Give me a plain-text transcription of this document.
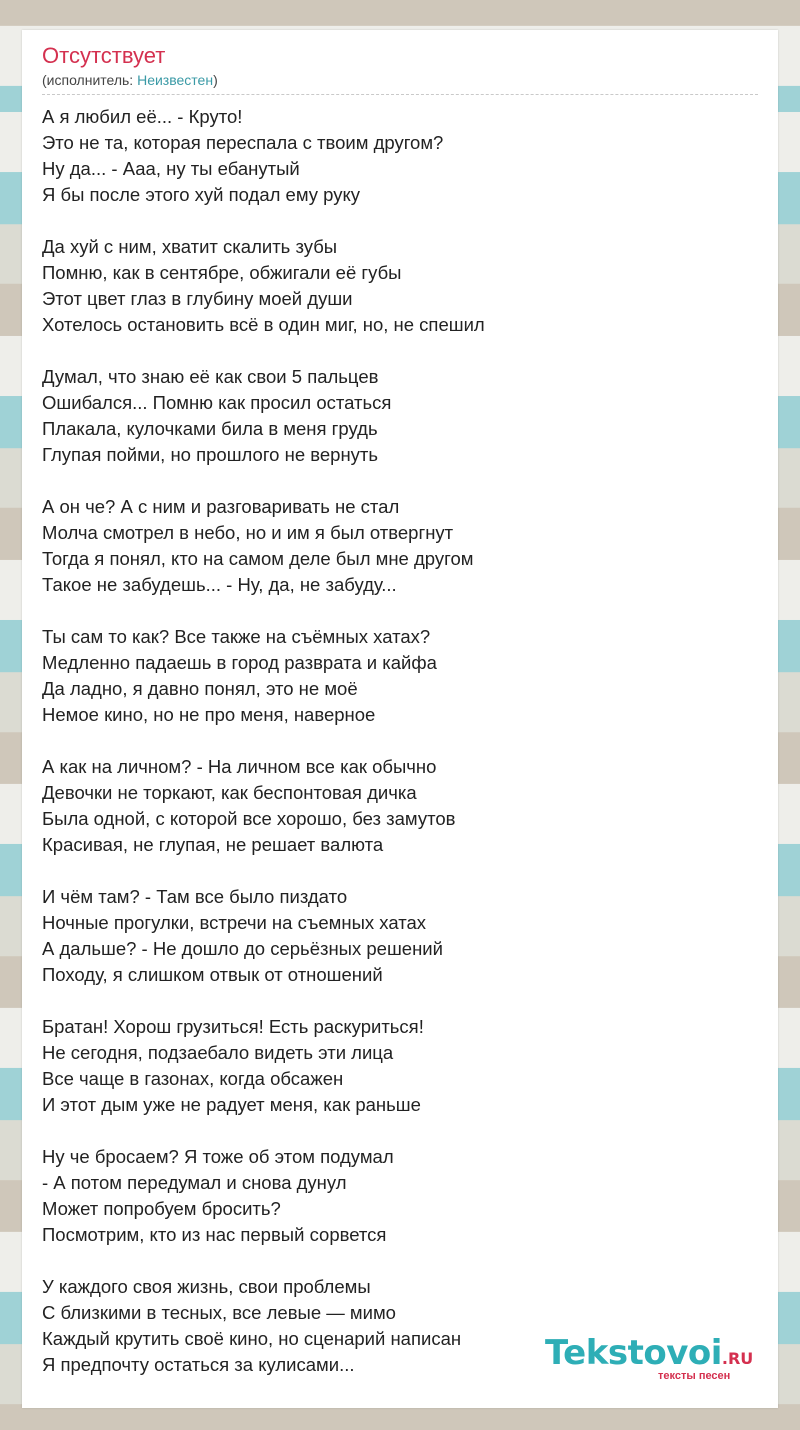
Отсутствует
(исполнитель: Неизвестен)
А я любил её... - Круто!
Это не та, которая переспала с твоим другом?
Ну да... - Ааа, ну ты ебанутый
Я бы после этого хуй подал ему руку
Да хуй с ним, хватит скалить зубы
Помню, как в сентябре, обжигали её губы
Этот цвет глаз в глубину моей души
Хотелось остановить всё в один миг, но, не спешил
Думал, что знаю её как свои 5 пальцев
Ошибался... Помню как просил остаться
Плакала, кулочками била в меня грудь
Глупая пойми, но прошлого не вернуть
А он че? А с ним и разговаривать не стал
Молча смотрел в небо, но и им я был отвергнут
Тогда я понял, кто на самом деле был мне другом
Такое не забудешь... - Ну, да, не забуду...
Ты сам то как? Все также на съёмных хатах?
Медленно падаешь в город разврата и кайфа
Да ладно, я давно понял, это не моё
Немое кино, но не про меня, наверное
А как на личном? - На личном все как обычно
Девочки не торкают, как беспонтовая дичка
Была одной, с которой все хорошо, без замутов
Красивая, не глупая, не решает валюта
И чём там? - Там все было пиздато
Ночные прогулки, встречи на съемных хатах
А дальше? - Не дошло до серьёзных решений
Походу, я слишком отвык от отношений
Братан! Хорош грузиться! Есть раскуриться!
Не сегодня, подзаебало видеть эти лица
Все чаще в газонах, когда обсажен
И этот дым уже не радует меня, как раньше
Ну че бросаем? Я тоже об этом подумал
- А потом передумал и снова дунул
Может попробуем бросить?
Посмотрим, кто из нас первый сорвется
У каждого своя жизнь, свои проблемы
С близкими в тесных, все левые — мимо
Каждый крутить своё кино, но сценарий написан
Я предпочту остаться за кулисами...	Tekstovoi.RU
тексты песен
